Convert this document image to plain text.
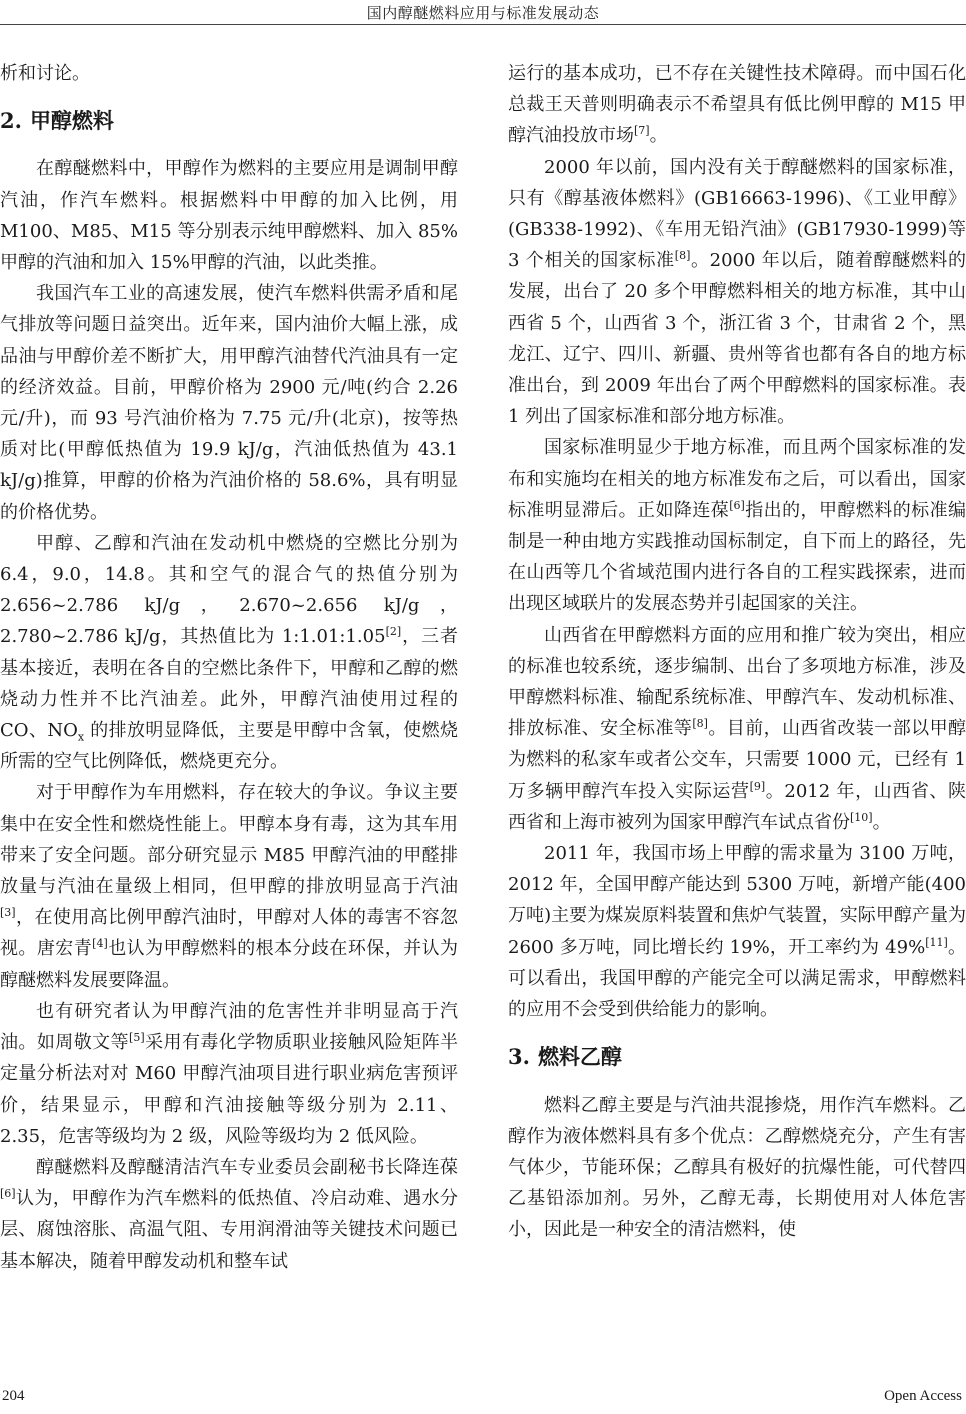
国内醇醚燃料应用与标准发展动态

析和讨论。

2. 甲醇燃料

在醇醚燃料中，甲醇作为燃料的主要应用是调制甲醇汽油，作汽车燃料。根据燃料中甲醇的加入比例，用 M100、M85、M15 等分别表示纯甲醇燃料、加入 85%甲醇的汽油和加入 15%甲醇的汽油，以此类推。

我国汽车工业的高速发展，使汽车燃料供需矛盾和尾气排放等问题日益突出。近年来，国内油价大幅上涨，成品油与甲醇价差不断扩大，用甲醇汽油替代汽油具有一定的经济效益。目前，甲醇价格为 2900 元/吨(约合 2.26 元/升)，而 93 号汽油价格为 7.75 元/升(北京)，按等热质对比(甲醇低热值为 19.9 kJ/g，汽油低热值为 43.1 kJ/g)推算，甲醇的价格为汽油价格的 58.6%，具有明显的价格优势。

甲醇、乙醇和汽油在发动机中燃烧的空燃比分别为 6.4，9.0，14.8。其和空气的混合气的热值分别为 2.656~2.786 kJ/g，2.670~2.656 kJ/g，2.780~2.786 kJ/g，其热值比为 1:1.01:1.05[2]，三者基本接近，表明在各自的空燃比条件下，甲醇和乙醇的燃烧动力性并不比汽油差。此外，甲醇汽油使用过程的 CO、$NO_x$ 的排放明显降低，主要是甲醇中含氧，使燃烧所需的空气比例降低，燃烧更充分。

对于甲醇作为车用燃料，存在较大的争议。争议主要集中在安全性和燃烧性能上。甲醇本身有毒，这为其车用带来了安全问题。部分研究显示 M85 甲醇汽油的甲醛排放量与汽油在量级上相同，但甲醇的排放明显高于汽油[3]，在使用高比例甲醇汽油时，甲醇对人体的毒害不容忽视。唐宏青[4]也认为甲醇燃料的根本分歧在环保，并认为醇醚燃料发展要降温。

也有研究者认为甲醇汽油的危害性并非明显高于汽油。如周敬文等[5]采用有毒化学物质职业接触风险矩阵半定量分析法对对 M60 甲醇汽油项目进行职业病危害预评价，结果显示，甲醇和汽油接触等级分别为 2.11、2.35，危害等级均为 2 级，风险等级均为 2 低风险。

醇醚燃料及醇醚清洁汽车专业委员会副秘书长降连葆[6]认为，甲醇作为汽车燃料的低热值、冷启动难、遇水分层、腐蚀溶胀、高温气阻、专用润滑油等关键技术问题已基本解决，随着甲醇发动机和整车试

运行的基本成功，已不存在关键性技术障碍。而中国石化总裁王天普则明确表示不希望具有低比例甲醇的 M15 甲醇汽油投放市场[7]。

2000 年以前，国内没有关于醇醚燃料的国家标准，只有《醇基液体燃料》(GB16663-1996)、《工业甲醇》(GB338-1992)、《车用无铅汽油》(GB17930-1999)等 3 个相关的国家标准[8]。2000 年以后，随着醇醚燃料的发展，出台了 20 多个甲醇燃料相关的地方标准，其中山西省 5 个，山西省 3 个，浙江省 3 个，甘肃省 2 个，黑龙江、辽宁、四川、新疆、贵州等省也都有各自的地方标准出台，到 2009 年出台了两个甲醇燃料的国家标准。表 1 列出了国家标准和部分地方标准。

国家标准明显少于地方标准，而且两个国家标准的发布和实施均在相关的地方标准发布之后，可以看出，国家标准明显滞后。正如降连葆[6]指出的，甲醇燃料的标准编制是一种由地方实践推动国标制定，自下而上的路径，先在山西等几个省域范围内进行各自的工程实践探索，进而出现区域联片的发展态势并引起国家的关注。

山西省在甲醇燃料方面的应用和推广较为突出，相应的标准也较系统，逐步编制、出台了多项地方标准，涉及甲醇燃料标准、输配系统标准、甲醇汽车、发动机标准、排放标准、安全标准等[8]。目前，山西省改装一部以甲醇为燃料的私家车或者公交车，只需要 1000 元，已经有 1 万多辆甲醇汽车投入实际运营[9]。2012 年，山西省、陕西省和上海市被列为国家甲醇汽车试点省份[10]。

2011 年，我国市场上甲醇的需求量为 3100 万吨，2012 年，全国甲醇产能达到 5300 万吨，新增产能(400 万吨)主要为煤炭原料装置和焦炉气装置，实际甲醇产量为 2600 多万吨，同比增长约 19%，开工率约为 49%[11]。可以看出，我国甲醇的产能完全可以满足需求，甲醇燃料的应用不会受到供给能力的影响。

3. 燃料乙醇

燃料乙醇主要是与汽油共混掺烧，用作汽车燃料。乙醇作为液体燃料具有多个优点：乙醇燃烧充分，产生有害气体少，节能环保；乙醇具有极好的抗爆性能，可代替四乙基铅添加剂。另外，乙醇无毒，长期使用对人体危害小，因此是一种安全的清洁燃料，使

204	Open Access
